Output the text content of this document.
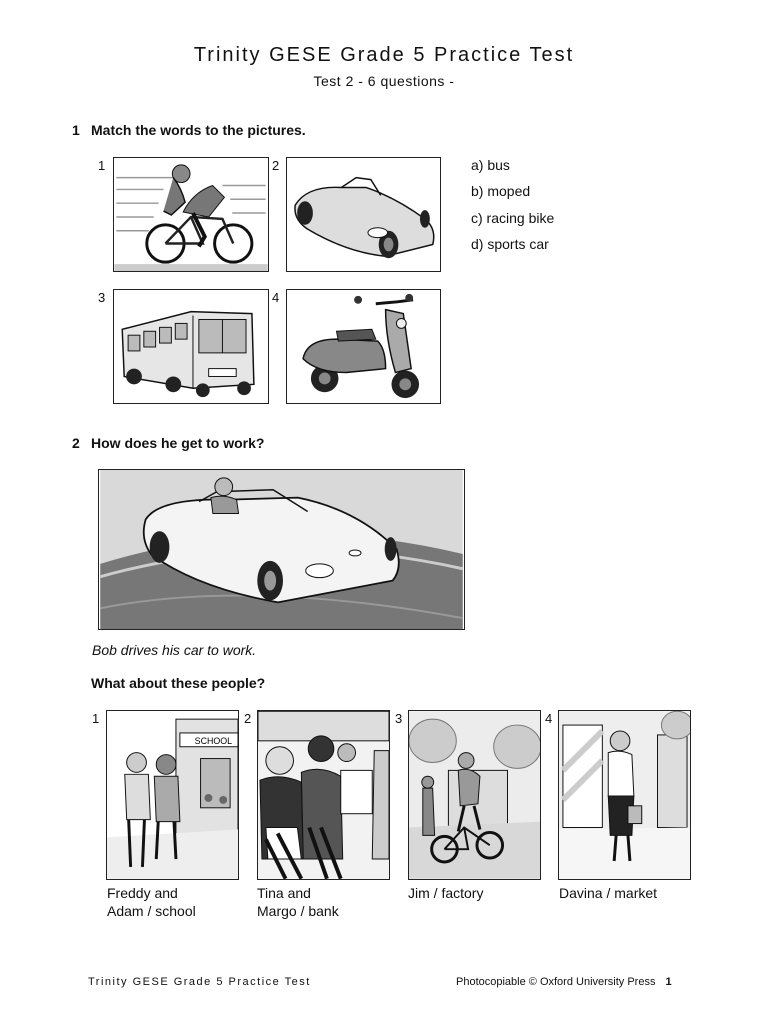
Trinity GESE Grade 5 Practice Test
Test 2 - 6 questions -
1 Match the words to the pictures.
1	2
3	4
a) bus
b) moped
c) racing bike
d) sports car
2 How does he get to work?
Bob drives his car to work.
What about these people?
1
SCHOOL
2	3	4
Freddy and
Adam / school
Tina and
Margo / bank
Jim / factory	Davina / market
Trinity GESE Grade 5 Practice Test	Photocopiable © Oxford University Press 1
